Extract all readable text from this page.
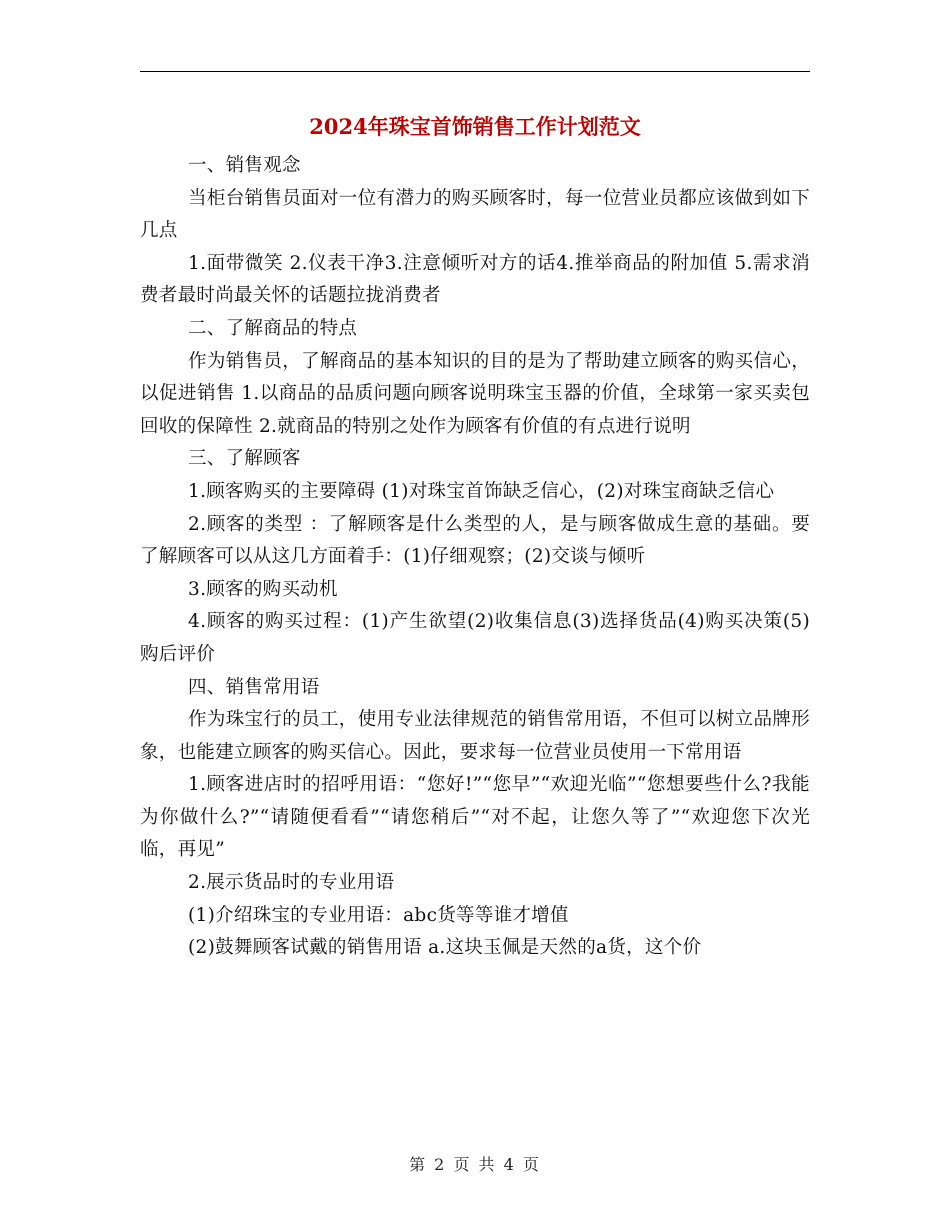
2024年珠宝首饰销售工作计划范文

一、销售观念

当柜台销售员面对一位有潜力的购买顾客时，每一位营业员都应该做到如下几点

1.面带微笑 2.仪表干净3.注意倾听对方的话4.推举商品的附加值 5.需求消费者最时尚最关怀的话题拉拢消费者

二、了解商品的特点

作为销售员，了解商品的基本知识的目的是为了帮助建立顾客的购买信心，以促进销售 1.以商品的品质问题向顾客说明珠宝玉器的价值，全球第一家买卖包回收的保障性 2.就商品的特别之处作为顾客有价值的有点进行说明

三、了解顾客

1.顾客购买的主要障碍 (1)对珠宝首饰缺乏信心，(2)对珠宝商缺乏信心

2.顾客的类型 ：了解顾客是什么类型的人，是与顾客做成生意的基础。要了解顾客可以从这几方面着手：(1)仔细观察；(2)交谈与倾听

3.顾客的购买动机

4.顾客的购买过程：(1)产生欲望(2)收集信息(3)选择货品(4)购买决策(5)购后评价

四、销售常用语

作为珠宝行的员工，使用专业法律规范的销售常用语，不但可以树立品牌形象，也能建立顾客的购买信心。因此，要求每一位营业员使用一下常用语

1.顾客进店时的招呼用语：“您好!”“您早”“欢迎光临”“您想要些什么?我能为你做什么?”“请随便看看”“请您稍后”“对不起，让您久等了”“欢迎您下次光临，再见”

2.展示货品时的专业用语

(1)介绍珠宝的专业用语：abc货等等谁才增值

(2)鼓舞顾客试戴的销售用语 a.这块玉佩是天然的a货，这个价

第 2 页 共 4 页
